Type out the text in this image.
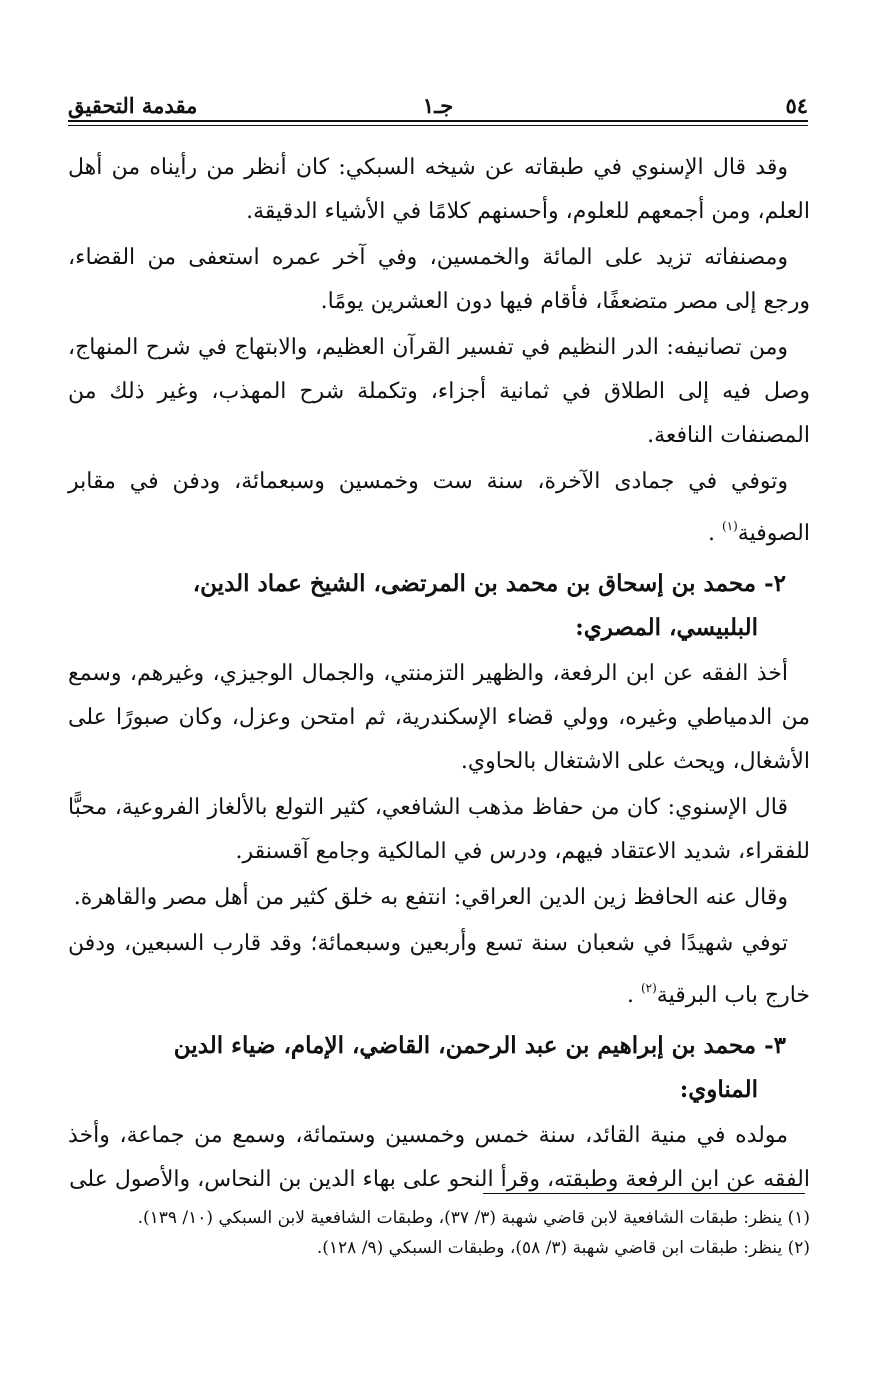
٥٤
جـ١
مقدمة التحقيق

وقد قال الإسنوي في طبقاته عن شيخه السبكي: كان أنظر من رأيناه من أهل العلم، ومن أجمعهم للعلوم، وأحسنهم كلامًا في الأشياء الدقيقة.

ومصنفاته تزيد على المائة والخمسين، وفي آخر عمره استعفى من القضاء، ورجع إلى مصر متضعفًا، فأقام فيها دون العشرين يومًا.

ومن تصانيفه: الدر النظيم في تفسير القرآن العظيم، والابتهاج في شرح المنهاج، وصل فيه إلى الطلاق في ثمانية أجزاء، وتكملة شرح المهذب، وغير ذلك من المصنفات النافعة.

وتوفي في جمادى الآخرة، سنة ست وخمسين وسبعمائة، ودفن في مقابر الصوفية$^{(١)}$ .

٢- محمد بن إسحاق بن محمد بن المرتضى، الشيخ عماد الدين،
البلبيسي، المصري:

أخذ الفقه عن ابن الرفعة، والظهير التزمنتي، والجمال الوجيزي، وغيرهم، وسمع من الدمياطي وغيره، وولي قضاء الإسكندرية، ثم امتحن وعزل، وكان صبورًا على الأشغال، ويحث على الاشتغال بالحاوي.

قال الإسنوي: كان من حفاظ مذهب الشافعي، كثير التولع بالألغاز الفروعية، محبًّا للفقراء، شديد الاعتقاد فيهم، ودرس في المالكية وجامع آقسنقر.

وقال عنه الحافظ زين الدين العراقي: انتفع به خلق كثير من أهل مصر والقاهرة.

توفي شهيدًا في شعبان سنة تسع وأربعين وسبعمائة؛ وقد قارب السبعين، ودفن خارج باب البرقية$^{(٢)}$ .

٣- محمد بن إبراهيم بن عبد الرحمن، القاضي، الإمام، ضياء الدين
المناوي:

مولده في منية القائد، سنة خمس وخمسين وستمائة، وسمع من جماعة، وأخذ الفقه عن ابن الرفعة وطبقته، وقرأ النحو على بهاء الدين بن النحاس، والأصول على

(١) ينظر: طبقات الشافعية لابن قاضي شهبة (٣/ ٣٧)، وطبقات الشافعية لابن السبكي (١٠/ ١٣٩).
(٢) ينظر: طبقات ابن قاضي شهبة (٣/ ٥٨)، وطبقات السبكي (٩/ ١٢٨).
